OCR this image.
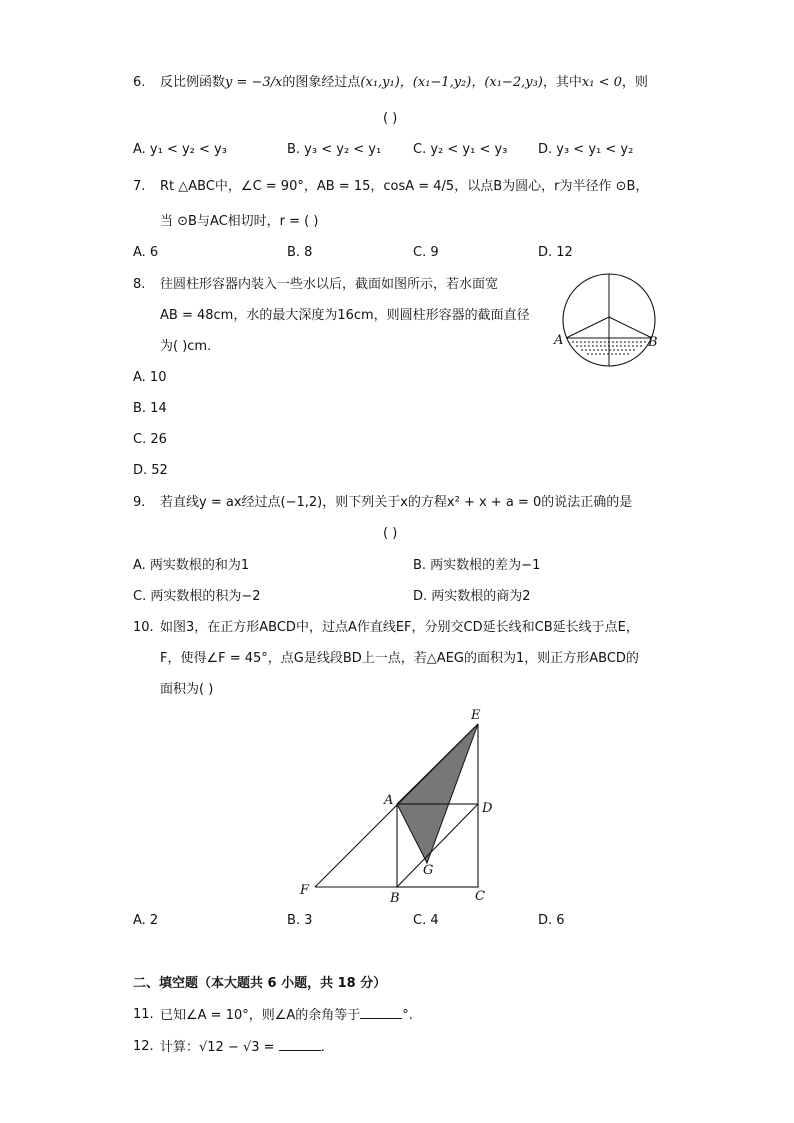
6. 反比例函数y = −3/x的图象经过点(x₁,y₁)，(x₁−1,y₂)，(x₁−2,y₃)，其中x₁ < 0，则
( )
A. y₁ < y₂ < y₃	B. y₃ < y₂ < y₁ C. y₂ < y₁ < y₃ D. y₃ < y₁ < y₂
7. Rt △ABC中，∠C = 90°，AB = 15，cosA = 4/5，以点B为圆心，r为半径作 ⊙B，
当 ⊙B与AC相切时，r = ( )
A. 6	B. 8	C. 9	D. 12
8. 往圆柱形容器内装入一些水以后，截面如图所示，若水面宽
AB = 48cm，水的最大深度为16cm，则圆柱形容器的截面直径
为( )cm.	A	B
A. 10
B. 14
C. 26
D. 52
9. 若直线y = ax经过点(−1,2)，则下列关于x的方程x² + x + a = 0的说法正确的是
( )
A. 两实数根的和为1	B. 两实数根的差为−1
C. 两实数根的积为−2	D. 两实数根的商为2
10. 如图3，在正方形ABCD中，过点A作直线EF，分别交CD延长线和CB延长线于点E，
F，使得∠F = 45°，点G是线段BD上一点，若△AEG的面积为1，则正方形ABCD的
面积为( )
E
A
D
G
F
B	C
A. 2	B. 3	C. 4	D. 6
二、填空题（本大题共 6 小题，共 18 分）
11. 已知∠A = 10°，则∠A的余角等于	°.
12. 计算：√12 − √3 =	.
